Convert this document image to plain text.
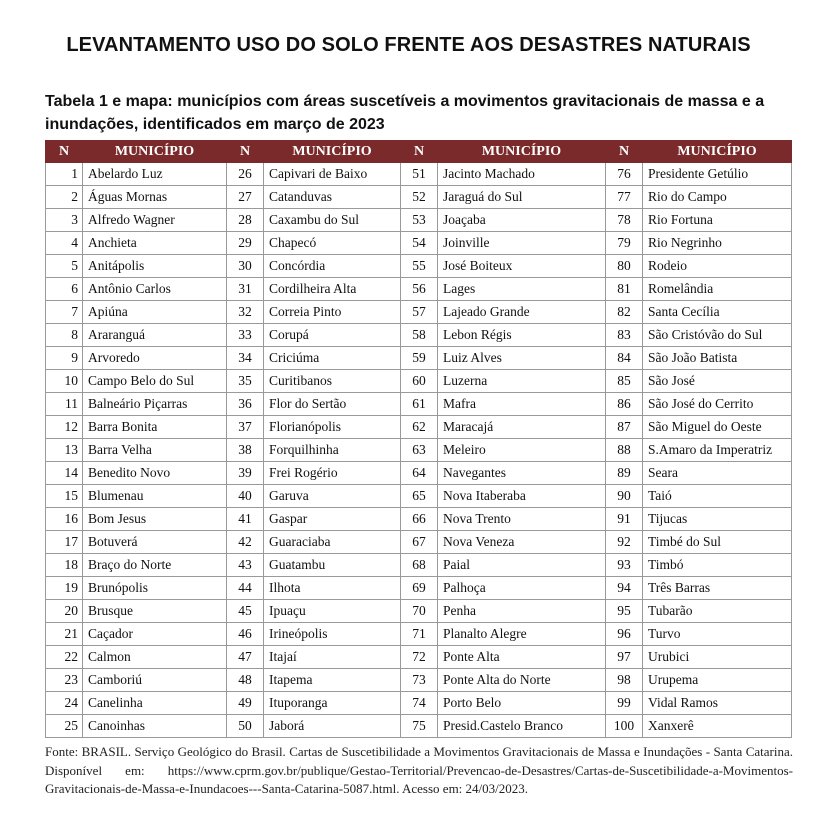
LEVANTAMENTO USO DO SOLO FRENTE AOS DESASTRES NATURAIS
Tabela 1 e mapa: municípios com áreas suscetíveis a movimentos gravitacionais de massa e a inundações, identificados em março de 2023
N	MUNICÍPIO	N	MUNICÍPIO	N	MUNICÍPIO	N	MUNICÍPIO
1	Abelardo Luz	26	Capivari de Baixo	51	Jacinto Machado	76	Presidente Getúlio
2	Águas Mornas	27	Catanduvas	52	Jaraguá do Sul	77	Rio do Campo
3	Alfredo Wagner	28	Caxambu do Sul	53	Joaçaba	78	Rio Fortuna
4	Anchieta	29	Chapecó	54	Joinville	79	Rio Negrinho
5	Anitápolis	30	Concórdia	55	José Boiteux	80	Rodeio
6	Antônio Carlos	31	Cordilheira Alta	56	Lages	81	Romelândia
7	Apiúna	32	Correia Pinto	57	Lajeado Grande	82	Santa Cecília
8	Araranguá	33	Corupá	58	Lebon Régis	83	São Cristóvão do Sul
9	Arvoredo	34	Criciúma	59	Luiz Alves	84	São João Batista
10	Campo Belo do Sul	35	Curitibanos	60	Luzerna	85	São José
11	Balneário Piçarras	36	Flor do Sertão	61	Mafra	86	São José do Cerrito
12	Barra Bonita	37	Florianópolis	62	Maracajá	87	São Miguel do Oeste
13	Barra Velha	38	Forquilhinha	63	Meleiro	88	S.Amaro da Imperatriz
14	Benedito Novo	39	Frei Rogério	64	Navegantes	89	Seara
15	Blumenau	40	Garuva	65	Nova Itaberaba	90	Taió
16	Bom Jesus	41	Gaspar	66	Nova Trento	91	Tijucas
17	Botuverá	42	Guaraciaba	67	Nova Veneza	92	Timbé do Sul
18	Braço do Norte	43	Guatambu	68	Paial	93	Timbó
19	Brunópolis	44	Ilhota	69	Palhoça	94	Três Barras
20	Brusque	45	Ipuaçu	70	Penha	95	Tubarão
21	Caçador	46	Irineópolis	71	Planalto Alegre	96	Turvo
22	Calmon	47	Itajaí	72	Ponte Alta	97	Urubici
23	Camboriú	48	Itapema	73	Ponte Alta do Norte	98	Urupema
24	Canelinha	49	Ituporanga	74	Porto Belo	99	Vidal Ramos
25	Canoinhas	50	Jaborá	75	Presid.Castelo Branco	100	Xanxerê
Fonte: BRASIL. Serviço Geológico do Brasil. Cartas de Suscetibilidade a Movimentos Gravitacionais de Massa e Inundações - Santa Catarina. Disponível em: https://www.cprm.gov.br/publique/Gestao-Territorial/Prevencao-de-Desastres/Cartas-de-Suscetibilidade-a-Movimentos-Gravitacionais-de-Massa-e-Inundacoes---Santa-Catarina-5087.html. Acesso em: 24/03/2023.
